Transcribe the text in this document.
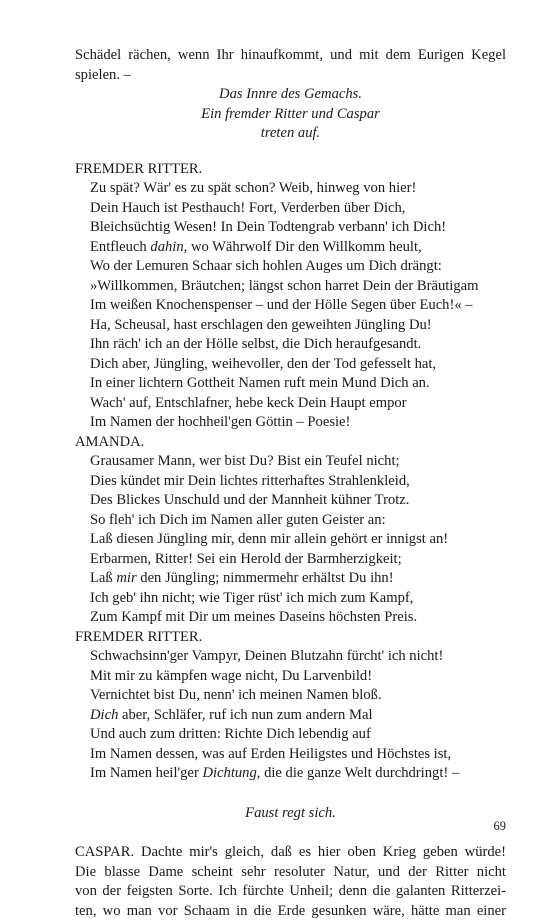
Schädel rächen, wenn Ihr hinaufkommt, und mit dem Eurigen Kegel
spielen. –
Das Innre des Gemachs.
Ein fremder Ritter und Caspar
treten auf.
FREMDER RITTER.
Zu spät? Wär' es zu spät schon? Weib, hinweg von hier!
Dein Hauch ist Pesthauch! Fort, Verderben über Dich,
Bleichsüchtig Wesen! In Dein Todtengrab verbann' ich Dich!
Entfleuch dahin, wo Währwolf Dir den Willkomm heult,
Wo der Lemuren Schaar sich hohlen Auges um Dich drängt:
»Willkommen, Bräutchen; längst schon harret Dein der Bräutigam
Im weißen Knochenspenser – und der Hölle Segen über Euch!« –
Ha, Scheusal, hast erschlagen den geweihten Jüngling Du!
Ihn räch' ich an der Hölle selbst, die Dich heraufgesandt.
Dich aber, Jüngling, weihevoller, den der Tod gefesselt hat,
In einer lichtern Gottheit Namen ruft mein Mund Dich an.
Wach' auf, Entschlafner, hebe keck Dein Haupt empor
Im Namen der hochheil'gen Göttin – Poesie!
AMANDA.
Grausamer Mann, wer bist Du? Bist ein Teufel nicht;
Dies kündet mir Dein lichtes ritterhaftes Strahlenkleid,
Des Blickes Unschuld und der Mannheit kühner Trotz.
So fleh' ich Dich im Namen aller guten Geister an:
Laß diesen Jüngling mir, denn mir allein gehört er innigst an!
Erbarmen, Ritter! Sei ein Herold der Barmherzigkeit;
Laß mir den Jüngling; nimmermehr erhältst Du ihn!
Ich geb' ihn nicht; wie Tiger rüst' ich mich zum Kampf,
Zum Kampf mit Dir um meines Daseins höchsten Preis.
FREMDER RITTER.
Schwachsinn'ger Vampyr, Deinen Blutzahn fürcht' ich nicht!
Mit mir zu kämpfen wage nicht, Du Larvenbild!
Vernichtet bist Du, nenn' ich meinen Namen bloß.
Dich aber, Schläfer, ruf ich nun zum andern Mal
Und auch zum dritten: Richte Dich lebendig auf
Im Namen dessen, was auf Erden Heiligstes und Höchstes ist,
Im Namen heil'ger Dichtung, die die ganze Welt durchdringt! –
Faust regt sich.
CASPAR. Dachte mir's gleich, daß es hier oben Krieg geben würde!
Die blasse Dame scheint sehr resoluter Natur, und der Ritter nicht
von der feigsten Sorte. Ich fürchte Unheil; denn die galanten Ritterzei-
ten, wo man vor Schaam in die Erde gesunken wäre, hätte man einer
69
